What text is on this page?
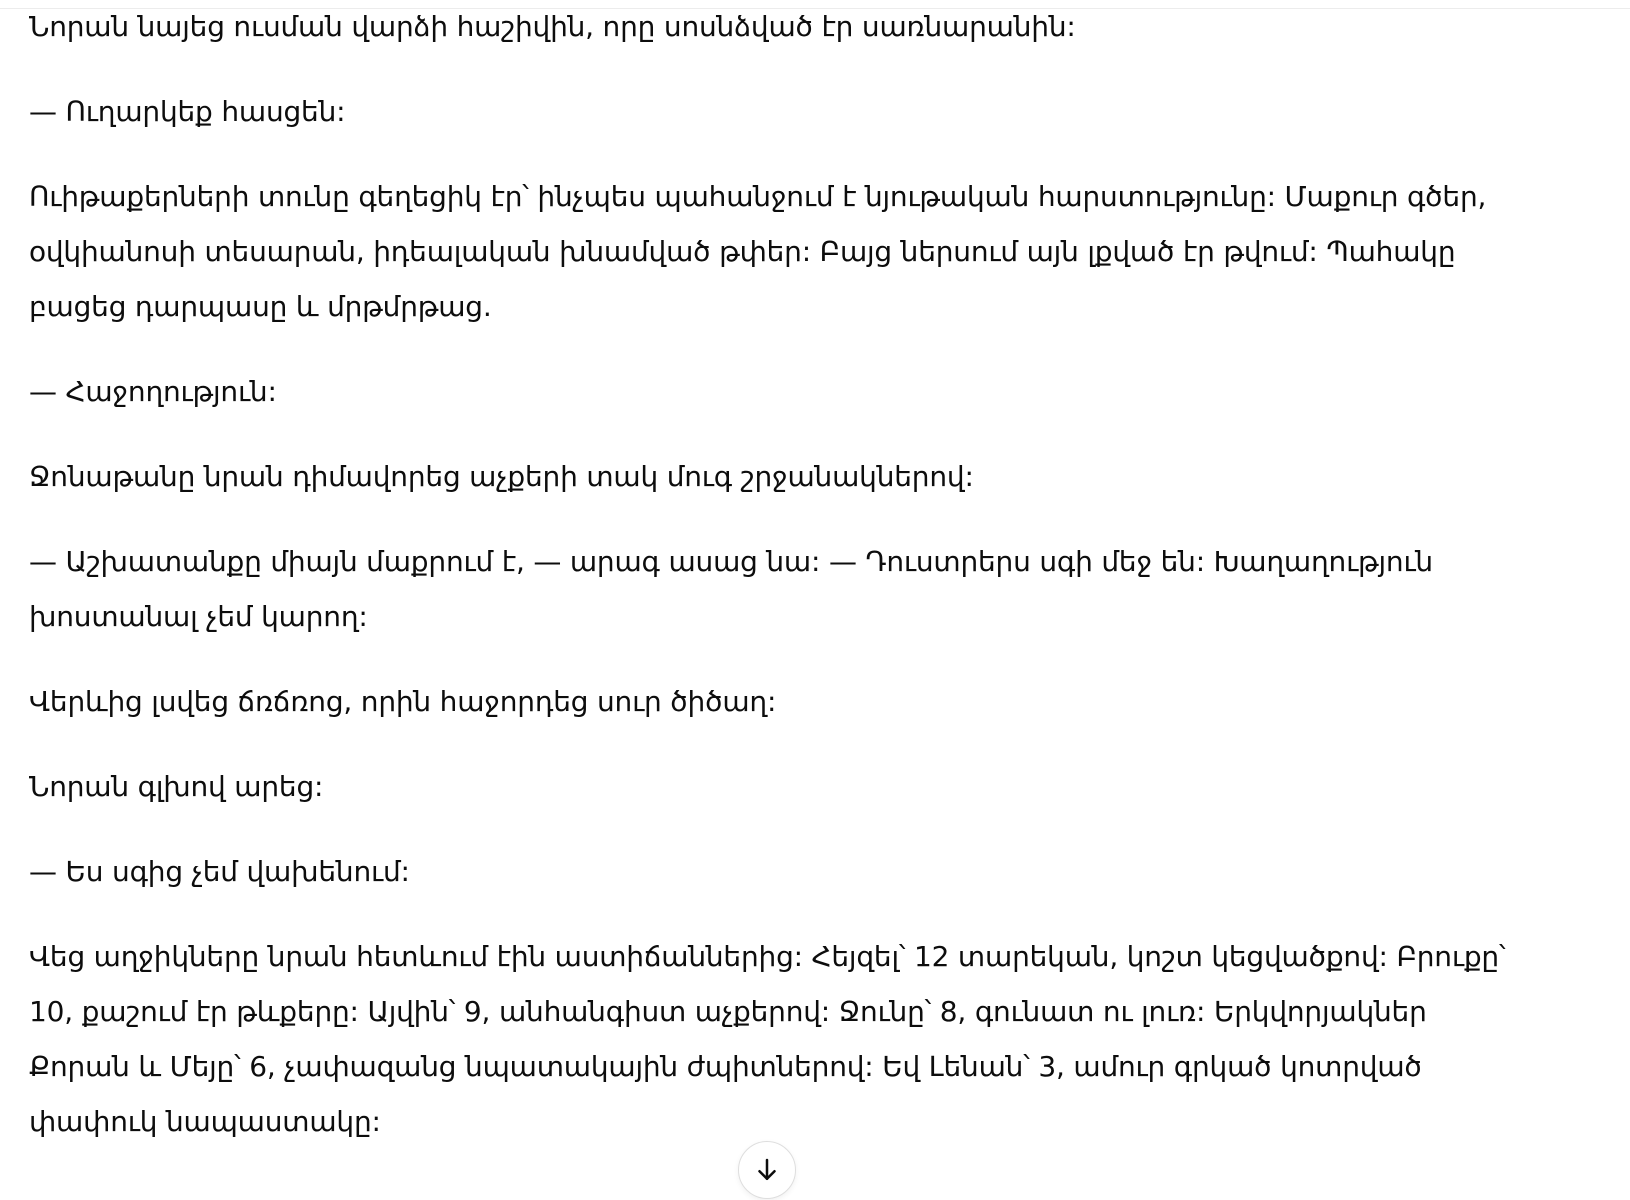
Նորան նայեց ուսման վարձի հաշիվին, որը սոսնձված էր սառնարանին:

— Ուղարկեք հասցեն:

Ուիթաքերների տունը գեղեցիկ էր՝ ինչպես պահանջում է նյութական հարստությունը: Մաքուր գծեր,
օվկիանոսի տեսարան, իդեալական խնամված թփեր: Բայց ներսում այն լքված էր թվում: Պահակը
բացեց դարպասը և մրթմրթաց.

— Հաջողություն:

Ջոնաթանը նրան դիմավորեց աչքերի տակ մուգ շրջանակներով:

— Աշխատանքը միայն մաքրում է, — արագ ասաց նա: — Դուստրերս սգի մեջ են: Խաղաղություն
խոստանալ չեմ կարող:

Վերևից լսվեց ճռճռոց, որին հաջորդեց սուր ծիծաղ:

Նորան գլխով արեց:

— Ես սգից չեմ վախենում:

Վեց աղջիկները նրան հետևում էին աստիճաններից: Հեյզել՝ 12 տարեկան, կոշտ կեցվածքով: Բրուքը՝
10, քաշում էր թևքերը: Այվին՝ 9, անհանգիստ աչքերով: Ջունը՝ 8, գունատ ու լուռ: Երկվորյակներ
Քորան և Մեյը՝ 6, չափազանց նպատակային ժպիտներով: Եվ Լենան՝ 3, ամուր գրկած կոտրված
փափուկ նապաստակը:
